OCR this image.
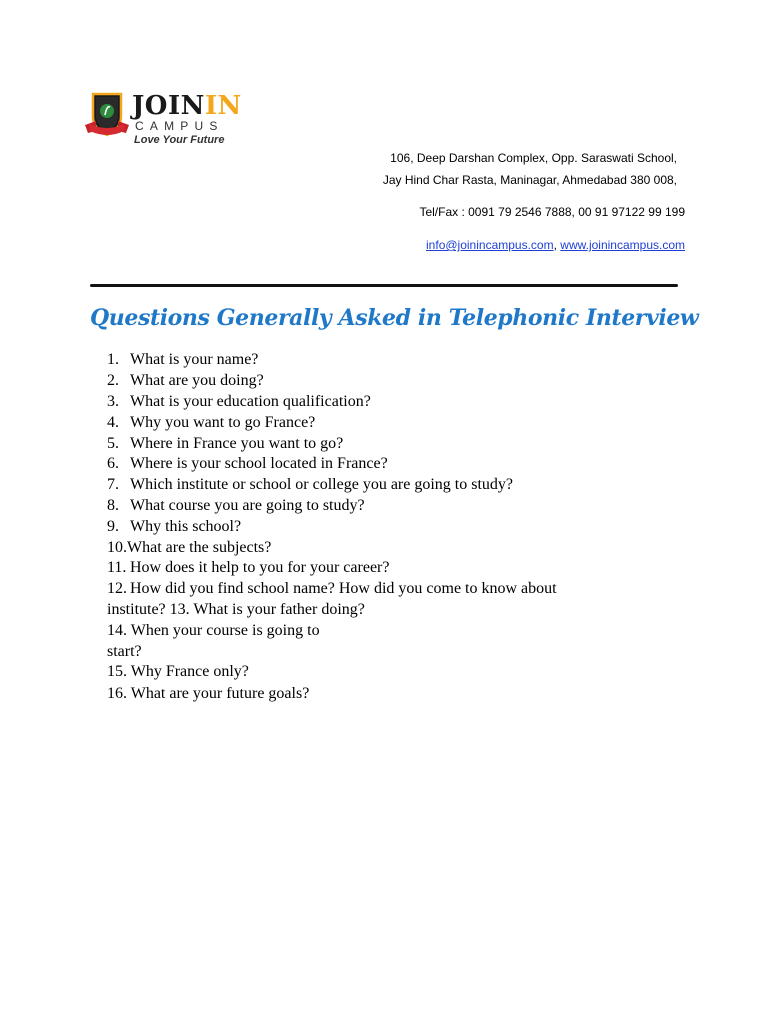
JOININ
CAMPUS
Love Your Future
106, Deep Darshan Complex, Opp. Saraswati School,
Jay Hind Char Rasta, Maninagar, Ahmedabad 380 008,
Tel/Fax : 0091 79 2546 7888, 00 91 97122 99 199
info@joinincampus.com, www.joinincampus.com
Questions Generally Asked in Telephonic Interview
1. What is your name?
2. What are you doing?
3. What is your education qualification?
4. Why you want to go France?
5. Where in France you want to go?
6. Where is your school located in France?
7. Which institute or school or college you are going to study?
8. What course you are going to study?
9. Why this school?
10.What are the subjects?
11. How does it help to you for your career?
12. How did you find school name? How did you come to know about
institute? 13. What is your father doing?
14. When your course is going to
start?
15. Why France only?
16. What are your future goals?
